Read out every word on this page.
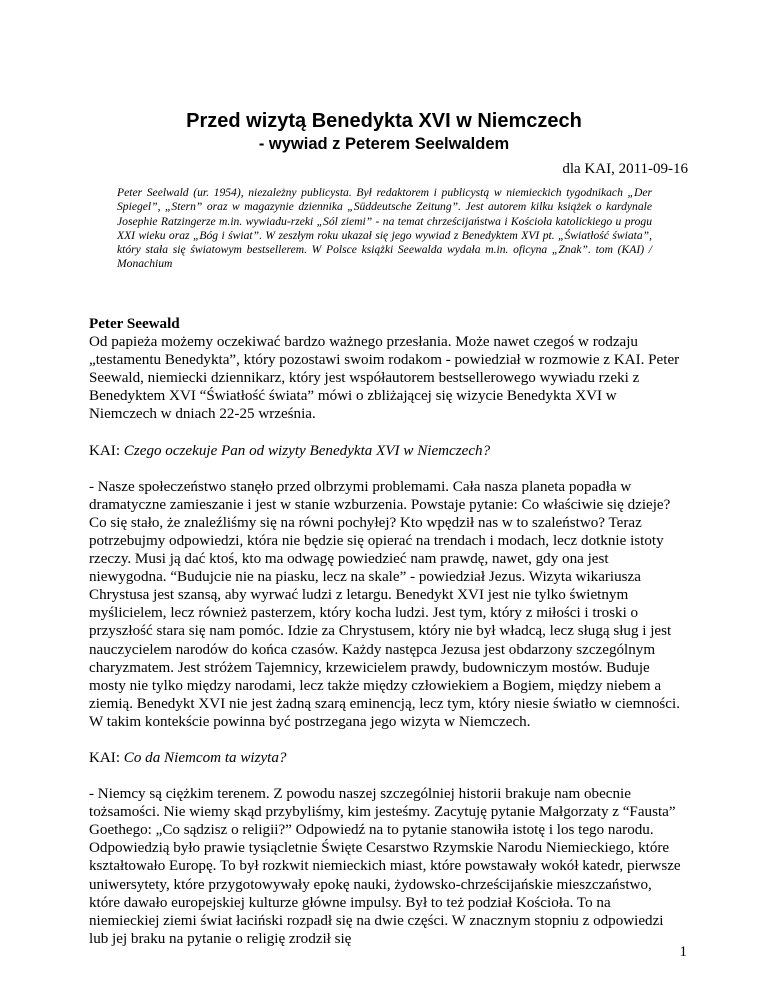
Przed wizytą Benedykta XVI w Niemczech
- wywiad z Peterem Seelwaldem
dla KAI, 2011-09-16
Peter Seelwald (ur. 1954), niezależny publicysta. Był redaktorem i publicystą w niemieckich tygodnikach „Der Spiegel”, „Stern” oraz w magazynie dziennika „Süddeutsche Zeitung”. Jest autorem kilku książek o kardynale Josephie Ratzingerze m.in. wywiadu-rzeki „Sól ziemi” - na temat chrześcijaństwa i Kościoła katolickiego u progu XXI wieku oraz „Bóg i świat”. W zeszłym roku ukazał się jego wywiad z Benedyktem XVI pt. „Światłość świata”, który stała się światowym bestsellerem. W Polsce książki Seewalda wydała m.in. oficyna „Znak”. tom (KAI) / Monachium

Peter Seewald

Od papieża możemy oczekiwać bardzo ważnego przesłania. Może nawet czegoś w rodzaju „testamentu Benedykta”, który pozostawi swoim rodakom - powiedział w rozmowie z KAI. Peter Seewald, niemiecki dziennikarz, który jest współautorem bestsellerowego wywiadu rzeki z Benedyktem XVI “Światłość świata” mówi o zbliżającej się wizycie Benedykta XVI w Niemczech w dniach 22-25 września.

KAI: Czego oczekuje Pan od wizyty Benedykta XVI w Niemczech?

- Nasze społeczeństwo stanęło przed olbrzymi problemami. Cała nasza planeta popadła w dramatyczne zamieszanie i jest w stanie wzburzenia. Powstaje pytanie: Co właściwie się dzieje? Co się stało, że znaleźliśmy się na równi pochyłej? Kto wpędził nas w to szaleństwo? Teraz potrzebujmy odpowiedzi, która nie będzie się opierać na trendach i modach, lecz dotknie istoty rzeczy. Musi ją dać ktoś, kto ma odwagę powiedzieć nam prawdę, nawet, gdy ona jest niewygodna. “Budujcie nie na piasku, lecz na skale” - powiedział Jezus. Wizyta wikariusza Chrystusa jest szansą, aby wyrwać ludzi z letargu. Benedykt XVI jest nie tylko świetnym myślicielem, lecz również pasterzem, który kocha ludzi. Jest tym, który z miłości i troski o przyszłość stara się nam pomóc. Idzie za Chrystusem, który nie był władcą, lecz sługą sług i jest nauczycielem narodów do końca czasów. Każdy następca Jezusa jest obdarzony szczególnym charyzmatem. Jest stróżem Tajemnicy, krzewicielem prawdy, budowniczym mostów. Buduje mosty nie tylko między narodami, lecz także między człowiekiem a Bogiem, między niebem a ziemią. Benedykt XVI nie jest żadną szarą eminencją, lecz tym, który niesie światło w ciemności. W takim kontekście powinna być postrzegana jego wizyta w Niemczech.

KAI: Co da Niemcom ta wizyta?

- Niemcy są ciężkim terenem. Z powodu naszej szczególniej historii brakuje nam obecnie tożsamości. Nie wiemy skąd przybyliśmy, kim jesteśmy. Zacytuję pytanie Małgorzaty z “Fausta” Goethego: „Co sądzisz o religii?” Odpowiedź na to pytanie stanowiła istotę i los tego narodu. Odpowiedzią było prawie tysiącletnie Święte Cesarstwo Rzymskie Narodu Niemieckiego, które kształtowało Europę. To był rozkwit niemieckich miast, które powstawały wokół katedr, pierwsze uniwersytety, które przygotowywały epokę nauki, żydowsko-chrześcijańskie mieszczaństwo, które dawało europejskiej kulturze główne impulsy. Był to też podział Kościoła. To na niemieckiej ziemi świat łaciński rozpadł się na dwie części. W znacznym stopniu z odpowiedzi lub jej braku na pytanie o religię zrodził się

1
